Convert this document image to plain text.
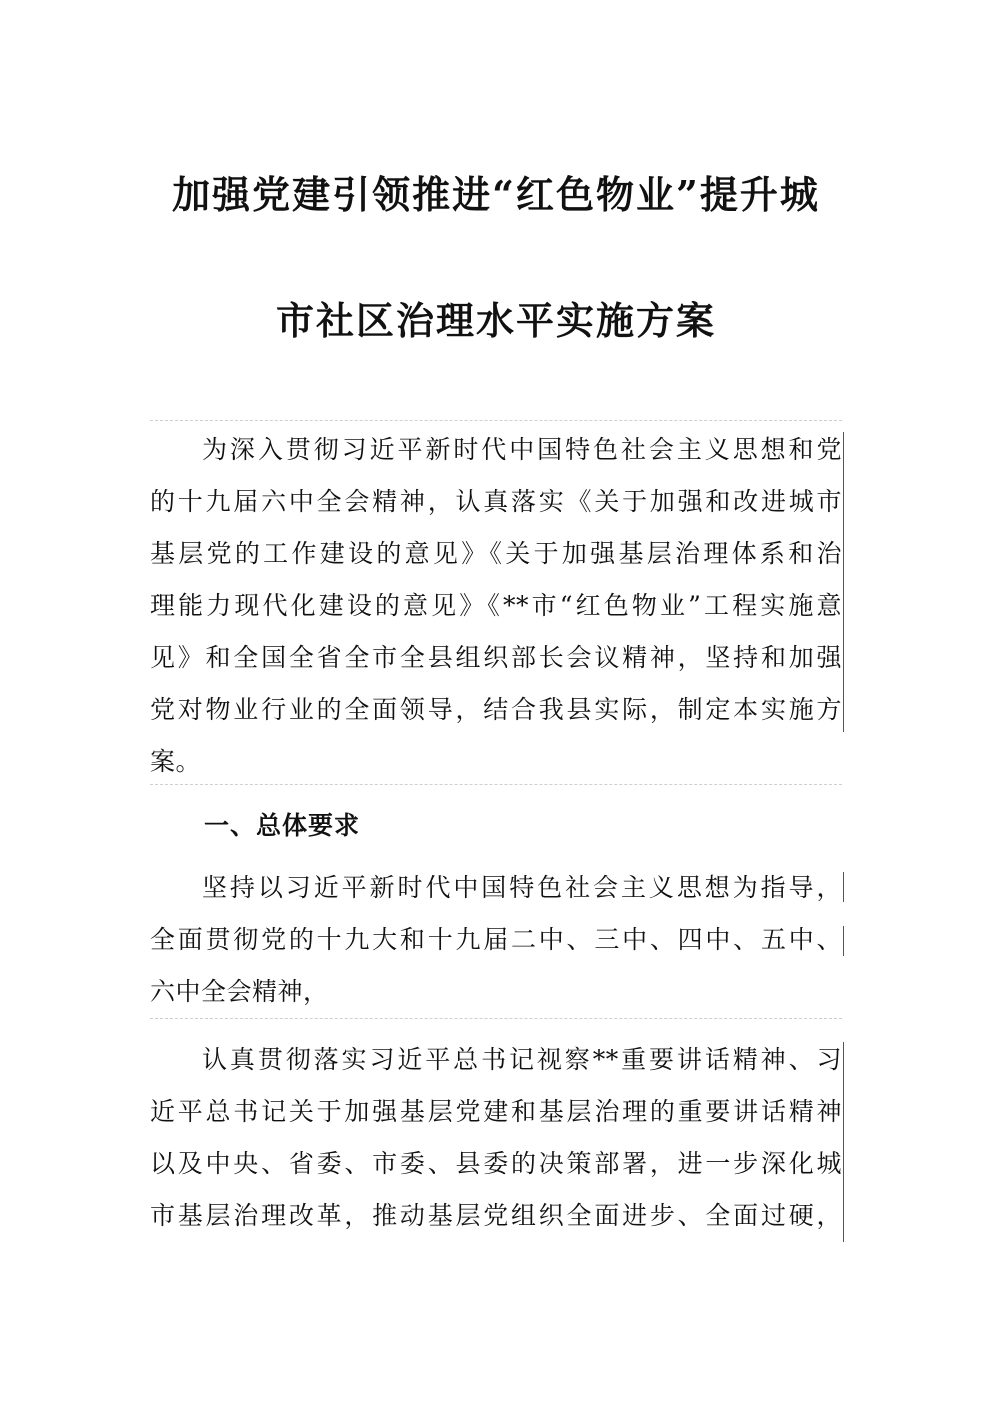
加强党建引领推进“红色物业”提升城
市社区治理水平实施方案
为深入贯彻习近平新时代中国特色社会主义思想和党
的十九届六中全会精神，认真落实《关于加强和改进城市
基层党的工作建设的意见》《关于加强基层治理体系和治
理能力现代化建设的意见》《**市“红色物业”工程实施意
见》和全国全省全市全县组织部长会议精神，坚持和加强
党对物业行业的全面领导，结合我县实际，制定本实施方
案。
一、总体要求
坚持以习近平新时代中国特色社会主义思想为指导，
全面贯彻党的十九大和十九届二中、三中、四中、五中、
六中全会精神，
认真贯彻落实习近平总书记视察**重要讲话精神、习
近平总书记关于加强基层党建和基层治理的重要讲话精神
以及中央、省委、市委、县委的决策部署，进一步深化城
市基层治理改革，推动基层党组织全面进步、全面过硬，
